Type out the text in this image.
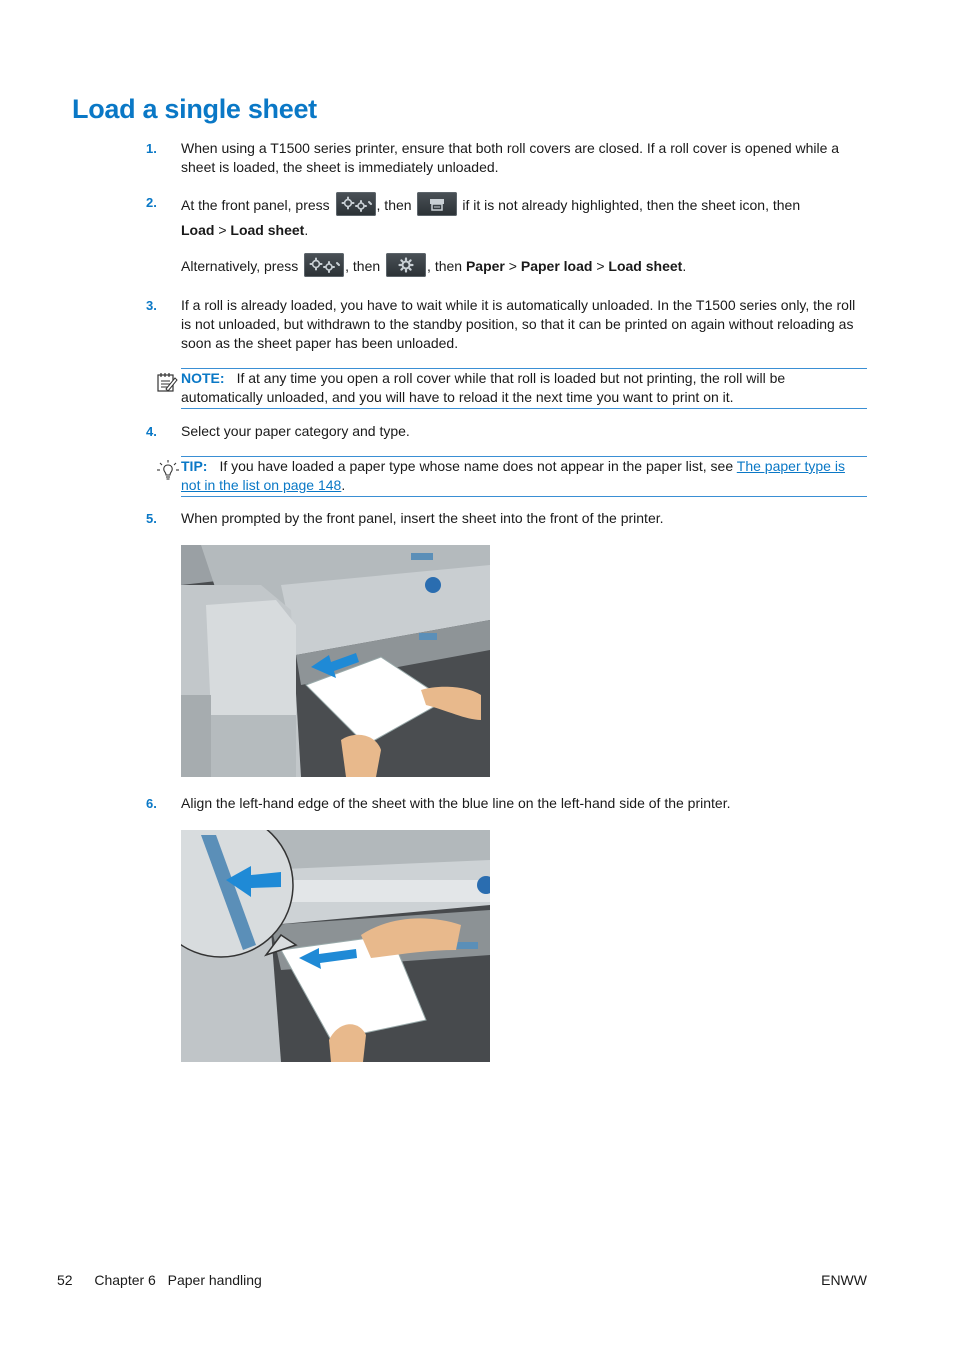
Load a single sheet
1.	When using a T1500 series printer, ensure that both roll covers are closed. If a roll cover is opened while a sheet is loaded, the sheet is immediately unloaded.
2.	At the front panel, press	, then	if it is not already highlighted, then the sheet icon, then
Load > Load sheet.
Alternatively, press	, then	, then Paper > Paper load > Load sheet.
3.	If a roll is already loaded, you have to wait while it is automatically unloaded. In the T1500 series only, the roll is not unloaded, but withdrawn to the standby position, so that it can be printed on again without reloading as soon as the sheet paper has been unloaded.
NOTE: If at any time you open a roll cover while that roll is loaded but not printing, the roll will be automatically unloaded, and you will have to reload it the next time you want to print on it.
4.	Select your paper category and type.
TIP: If you have loaded a paper type whose name does not appear in the paper list, see The paper type is not in the list on page 148.
5.	When prompted by the front panel, insert the sheet into the front of the printer.
6.	Align the left-hand edge of the sheet with the blue line on the left-hand side of the printer.
52 Chapter 6 Paper handling	ENWW
